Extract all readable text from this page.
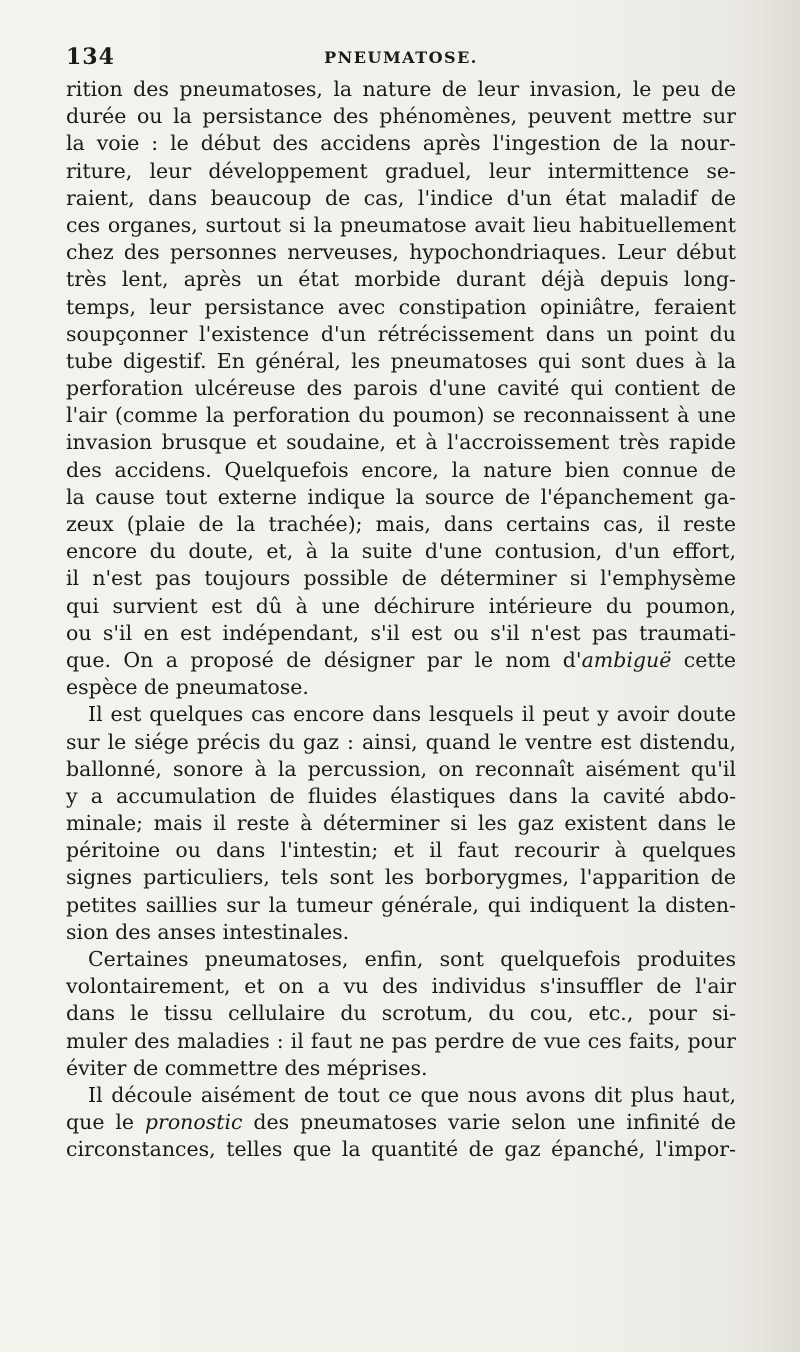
134	PNEUMATOSE.
rition des pneumatoses, la nature de leur invasion, le peu de
durée ou la persistance des phénomènes, peuvent mettre sur
la voie : le début des accidens après l'ingestion de la nour-
riture, leur développement graduel, leur intermittence se-
raient, dans beaucoup de cas, l'indice d'un état maladif de
ces organes, surtout si la pneumatose avait lieu habituellement
chez des personnes nerveuses, hypochondriaques. Leur début
très lent, après un état morbide durant déjà depuis long-
temps, leur persistance avec constipation opiniâtre, feraient
soupçonner l'existence d'un rétrécissement dans un point du
tube digestif. En général, les pneumatoses qui sont dues à la
perforation ulcéreuse des parois d'une cavité qui contient de
l'air (comme la perforation du poumon) se reconnaissent à une
invasion brusque et soudaine, et à l'accroissement très rapide
des accidens. Quelquefois encore, la nature bien connue de
la cause tout externe indique la source de l'épanchement ga-
zeux (plaie de la trachée); mais, dans certains cas, il reste
encore du doute, et, à la suite d'une contusion, d'un effort,
il n'est pas toujours possible de déterminer si l'emphysème
qui survient est dû à une déchirure intérieure du poumon,
ou s'il en est indépendant, s'il est ou s'il n'est pas traumati-
que. On a proposé de désigner par le nom d'ambiguë cette
espèce de pneumatose.
Il est quelques cas encore dans lesquels il peut y avoir doute
sur le siége précis du gaz : ainsi, quand le ventre est distendu,
ballonné, sonore à la percussion, on reconnaît aisément qu'il
y a accumulation de fluides élastiques dans la cavité abdo-
minale; mais il reste à déterminer si les gaz existent dans le
péritoine ou dans l'intestin; et il faut recourir à quelques
signes particuliers, tels sont les borborygmes, l'apparition de
petites saillies sur la tumeur générale, qui indiquent la disten-
sion des anses intestinales.
Certaines pneumatoses, enfin, sont quelquefois produites
volontairement, et on a vu des individus s'insuffler de l'air
dans le tissu cellulaire du scrotum, du cou, etc., pour si-
muler des maladies : il faut ne pas perdre de vue ces faits, pour
éviter de commettre des méprises.
Il découle aisément de tout ce que nous avons dit plus haut,
que le pronostic des pneumatoses varie selon une infinité de
circonstances, telles que la quantité de gaz épanché, l'impor-
